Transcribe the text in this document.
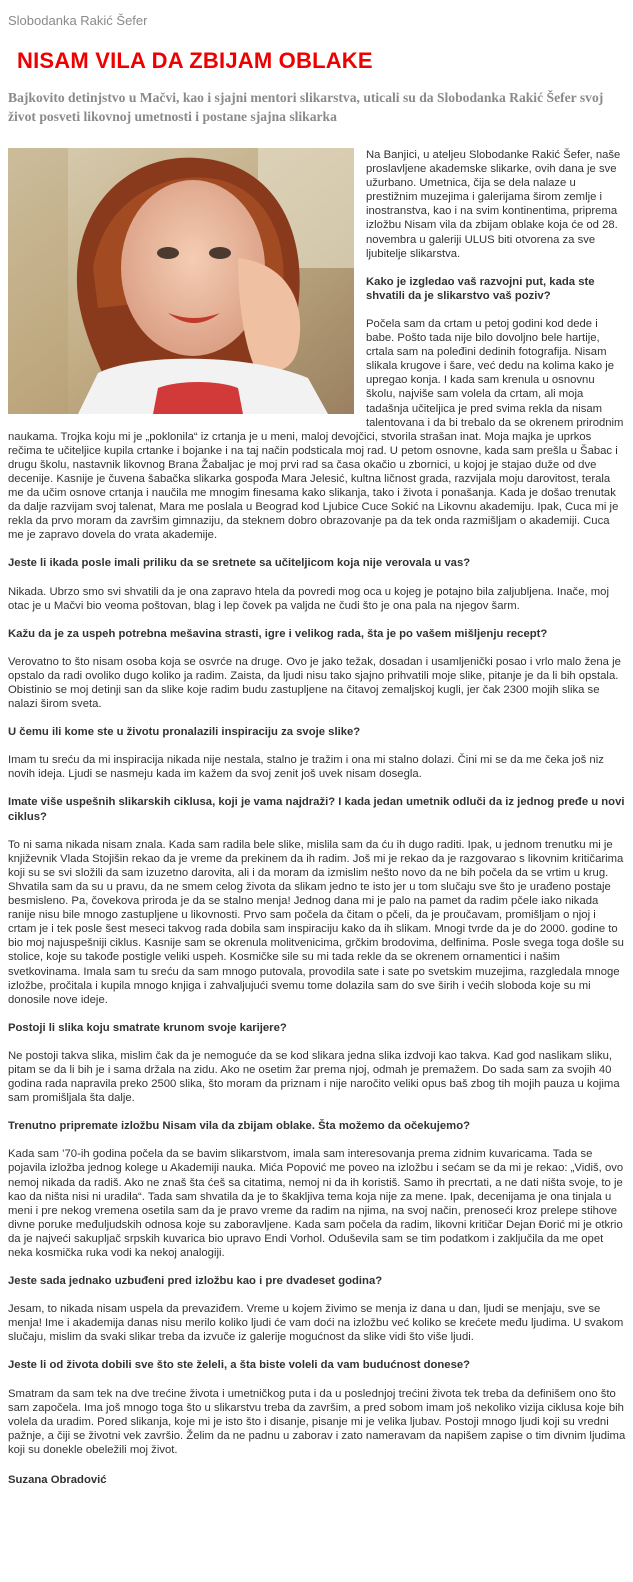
Slobodanka Rakić Šefer
NISAM VILA DA ZBIJAM OBLAKE
Bajkovito detinjstvo u Mačvi, kao i sjajni mentori slikarstva, uticali su da Slobodanka Rakić Šefer svoj život posveti likovnoj umetnosti i postane sjajna slikarka

Na Banjici, u ateljeu Slobodanke Rakić Šefer, naše proslavljene akademske slikarke, ovih dana je sve užurbano. Umetnica, čija se dela nalaze u prestižnim muzejima i galerijama širom zemlje i inostranstva, kao i na svim kontinentima, priprema izložbu Nisam vila da zbijam oblake koja će od 28. novembra u galeriji ULUS biti otvorena za sve ljubitelje slikarstva.

Kako je izgledao vaš razvojni put, kada ste shvatili da je slikarstvo vaš poziv?

Počela sam da crtam u petoj godini kod dede i babe. Pošto tada nije bilo dovoljno bele hartije, crtala sam na poleđini dedinih fotografija. Nisam slikala krugove i šare, već dedu na kolima kako je upregao konja. I kada sam krenula u osnovnu školu, najviše sam volela da crtam, ali moja tadašnja učiteljica je pred svima rekla da nisam talentovana i da bi trebalo da se okrenem prirodnim naukama. Trojka koju mi je „poklonila“ iz crtanja je u meni, maloj devojčici, stvorila strašan inat. Moja majka je uprkos rečima te učiteljice kupila crtanke i bojanke i na taj način podsticala moj rad. U petom osnovne, kada sam prešla u Šabac i drugu školu, nastavnik likovnog Brana Žabaljac je moj prvi rad sa časa okačio u zbornici, u kojoj je stajao duže od dve decenije. Kasnije je čuvena šabačka slikarka gospođa Mara Jelesić, kultna ličnost grada, razvijala moju darovitost, terala me da učim osnove crtanja i naučila me mnogim finesama kako slikanja, tako i života i ponašanja. Kada je došao trenutak da dalje razvijam svoj talenat, Mara me poslala u Beograd kod Ljubice Cuce Sokić na Likovnu akademiju. Ipak, Cuca mi je rekla da prvo moram da završim gimnaziju, da steknem dobro obrazovanje pa da tek onda razmišljam o akademiji. Cuca me je zapravo dovela do vrata akademije.

Jeste li ikada posle imali priliku da se sretnete sa učiteljicom koja nije verovala u vas?

Nikada. Ubrzo smo svi shvatili da je ona zapravo htela da povredi mog oca u kojeg je potajno bila zaljubljena. Inače, moj otac je u Mačvi bio veoma poštovan, blag i lep čovek pa valjda ne čudi što je ona pala na njegov šarm.

Kažu da je za uspeh potrebna mešavina strasti, igre i velikog rada, šta je po vašem mišljenju recept?

Verovatno to što nisam osoba koja se osvrće na druge. Ovo je jako težak, dosadan i usamljenički posao i vrlo malo žena je opstalo da radi ovoliko dugo koliko ja radim. Zaista, da ljudi nisu tako sjajno prihvatili moje slike, pitanje je da li bih opstala. Obistinio se moj detinji san da slike koje radim budu zastupljene na čitavoj zemaljskoj kugli, jer čak 2300 mojih slika se nalazi širom sveta.

U čemu ili kome ste u životu pronalazili inspiraciju za svoje slike?

Imam tu sreću da mi inspiracija nikada nije nestala, stalno je tražim i ona mi stalno dolazi. Čini mi se da me čeka još niz novih ideja. Ljudi se nasmeju kada im kažem da svoj zenit još uvek nisam dosegla.

Imate više uspešnih slikarskih ciklusa, koji je vama najdraži? I kada jedan umetnik odluči da iz jednog pređe u novi ciklus?

To ni sama nikada nisam znala. Kada sam radila bele slike, mislila sam da ću ih dugo raditi. Ipak, u jednom trenutku mi je književnik Vlada Stojišin rekao da je vreme da prekinem da ih radim. Još mi je rekao da je razgovarao s likovnim kritičarima koji su se svi složili da sam izuzetno darovita, ali i da moram da izmislim nešto novo da ne bih počela da se vrtim u krug. Shvatila sam da su u pravu, da ne smem celog života da slikam jedno te isto jer u tom slučaju sve što je urađeno postaje besmisleno. Pa, čovekova priroda je da se stalno menja! Jednog dana mi je palo na pamet da radim pčele iako nikada ranije nisu bile mnogo zastupljene u likovnosti. Prvo sam počela da čitam o pčeli, da je proučavam, promišljam o njoj i crtam je i tek posle šest meseci takvog rada dobila sam inspiraciju kako da ih slikam. Mnogi tvrde da je do 2000. godine to bio moj najuspešniji ciklus. Kasnije sam se okrenula molitvenicima, grčkim brodovima, delfinima. Posle svega toga došle su stolice, koje su takođe postigle veliki uspeh. Kosmičke sile su mi tada rekle da se okrenem ornamentici i našim svetkovinama. Imala sam tu sreću da sam mnogo putovala, provodila sate i sate po svetskim muzejima, razgledala mnoge izložbe, pročitala i kupila mnogo knjiga i zahvaljujući svemu tome dolazila sam do sve širih i većih sloboda koje su mi donosile nove ideje.

Postoji li slika koju smatrate krunom svoje karijere?

Ne postoji takva slika, mislim čak da je nemoguće da se kod slikara jedna slika izdvoji kao takva. Kad god naslikam sliku, pitam se da li bih je i sama držala na zidu. Ako ne osetim žar prema njoj, odmah je premažem. Do sada sam za svojih 40 godina rada napravila preko 2500 slika, što moram da priznam i nije naročito veliki opus baš zbog tih mojih pauza u kojima sam promišljala šta dalje.

Trenutno pripremate izložbu Nisam vila da zbijam oblake. Šta možemo da očekujemo?

Kada sam ’70-ih godina počela da se bavim slikarstvom, imala sam interesovanja prema zidnim kuvaricama. Tada se pojavila izložba jednog kolege u Akademiji nauka. Mića Popović me poveo na izložbu i sećam se da mi je rekao: „Vidiš, ovo nemoj nikada da radiš. Ako ne znaš šta ćeš sa citatima, nemoj ni da ih koristiš. Samo ih precrtati, a ne dati ništa svoje, to je kao da ništa nisi ni uradila“. Tada sam shvatila da je to škakljiva tema koja nije za mene. Ipak, decenijama je ona tinjala u meni i pre nekog vremena osetila sam da je pravo vreme da radim na njima, na svoj način, prenoseći kroz prelepe stihove divne poruke međuljudskih odnosa koje su zaboravljene. Kada sam počela da radim, likovni kritičar Dejan Đorić mi je otkrio da je najveći sakupljač srpskih kuvarica bio upravo Endi Vorhol. Oduševila sam se tim podatkom i zaključila da me opet neka kosmička ruka vodi ka nekoj analogiji.

Jeste sada jednako uzbuđeni pred izložbu kao i pre dvadeset godina?

Jesam, to nikada nisam uspela da prevaziđem. Vreme u kojem živimo se menja iz dana u dan, ljudi se menjaju, sve se menja! Ime i akademija danas nisu merilo koliko ljudi će vam doći na izložbu već koliko se krećete među ljudima. U svakom slučaju, mislim da svaki slikar treba da izvuče iz galerije mogućnost da slike vidi što više ljudi.

Jeste li od života dobili sve što ste želeli, a šta biste voleli da vam budućnost donese?

Smatram da sam tek na dve trećine života i umetničkog puta i da u poslednjoj trećini života tek treba da definišem ono što sam započela. Ima još mnogo toga što u slikarstvu treba da završim, a pred sobom imam još nekoliko vizija ciklusa koje bih volela da uradim. Pored slikanja, koje mi je isto što i disanje, pisanje mi je velika ljubav. Postoji mnogo ljudi koji su vredni pažnje, a čiji se životni vek završio. Želim da ne padnu u zaborav i zato nameravam da napišem zapise o tim divnim ljudima koji su donekle obeležili moj život.

Suzana Obradović
